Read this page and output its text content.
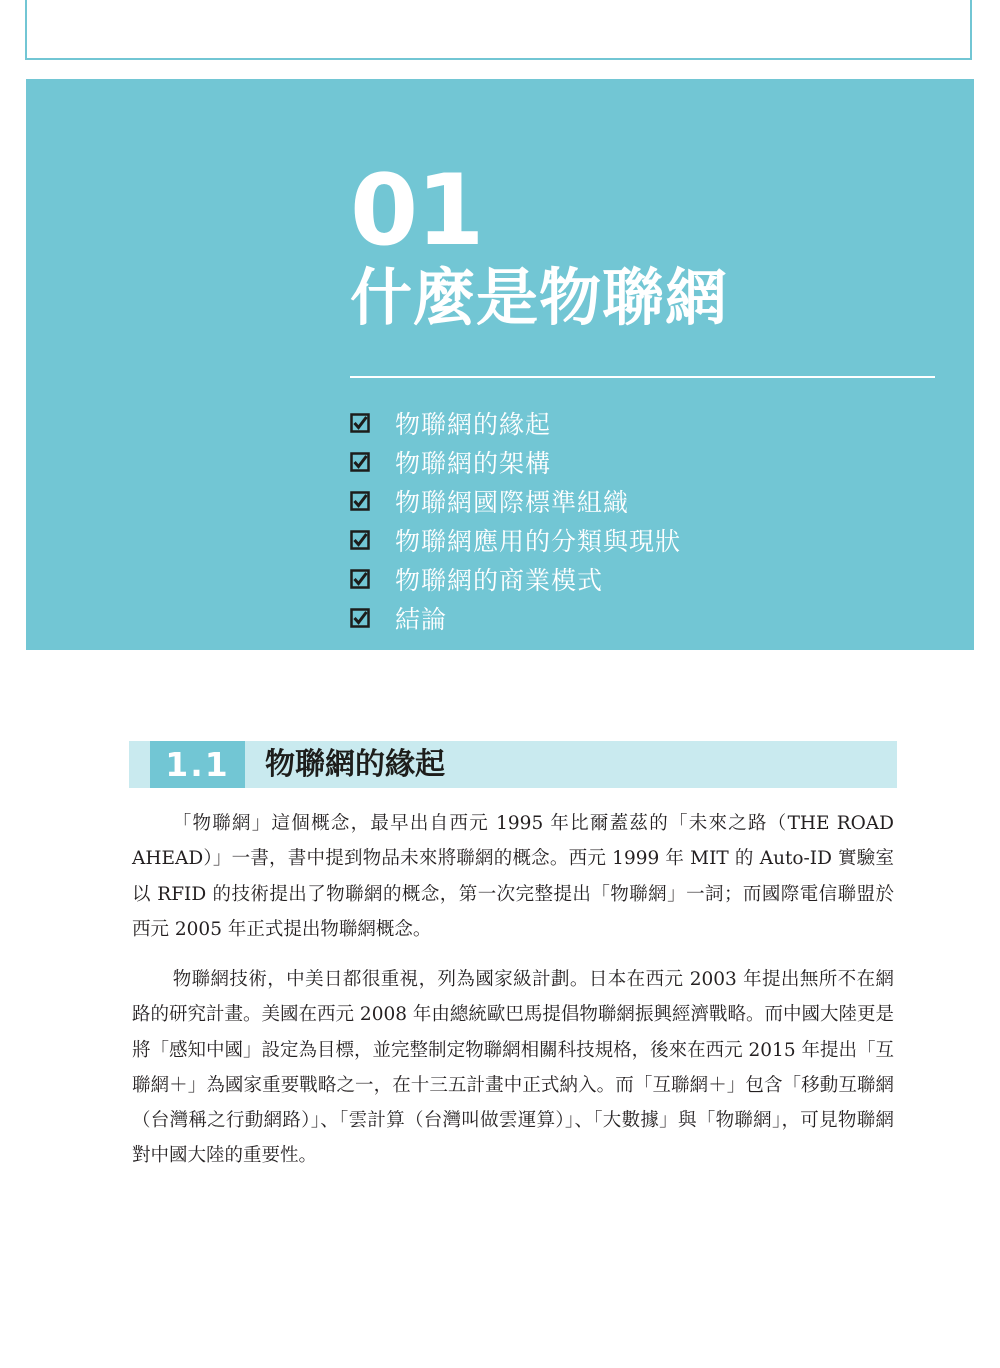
01
什麼是物聯網
物聯網的緣起
物聯網的架構
物聯網國際標準組織
物聯網應用的分類與現狀
物聯網的商業模式
結論
1.1	物聯網的緣起

「物聯網」這個概念，最早出自西元 1995 年比爾蓋茲的「未來之路（THE ROAD AHEAD）」一書，書中提到物品未來將聯網的概念。西元 1999 年 MIT 的 Auto-ID 實驗室以 RFID 的技術提出了物聯網的概念，第一次完整提出「物聯網」一詞；而國際電信聯盟於西元 2005 年正式提出物聯網概念。

物聯網技術，中美日都很重視，列為國家級計劃。日本在西元 2003 年提出無所不在網路的研究計畫。美國在西元 2008 年由總統歐巴馬提倡物聯網振興經濟戰略。而中國大陸更是將「感知中國」設定為目標，並完整制定物聯網相關科技規格，後來在西元 2015 年提出「互聯網＋」為國家重要戰略之一，在十三五計畫中正式納入。而「互聯網＋」包含「移動互聯網（台灣稱之行動網路）」、「雲計算（台灣叫做雲運算）」、「大數據」與「物聯網」，可見物聯網對中國大陸的重要性。
